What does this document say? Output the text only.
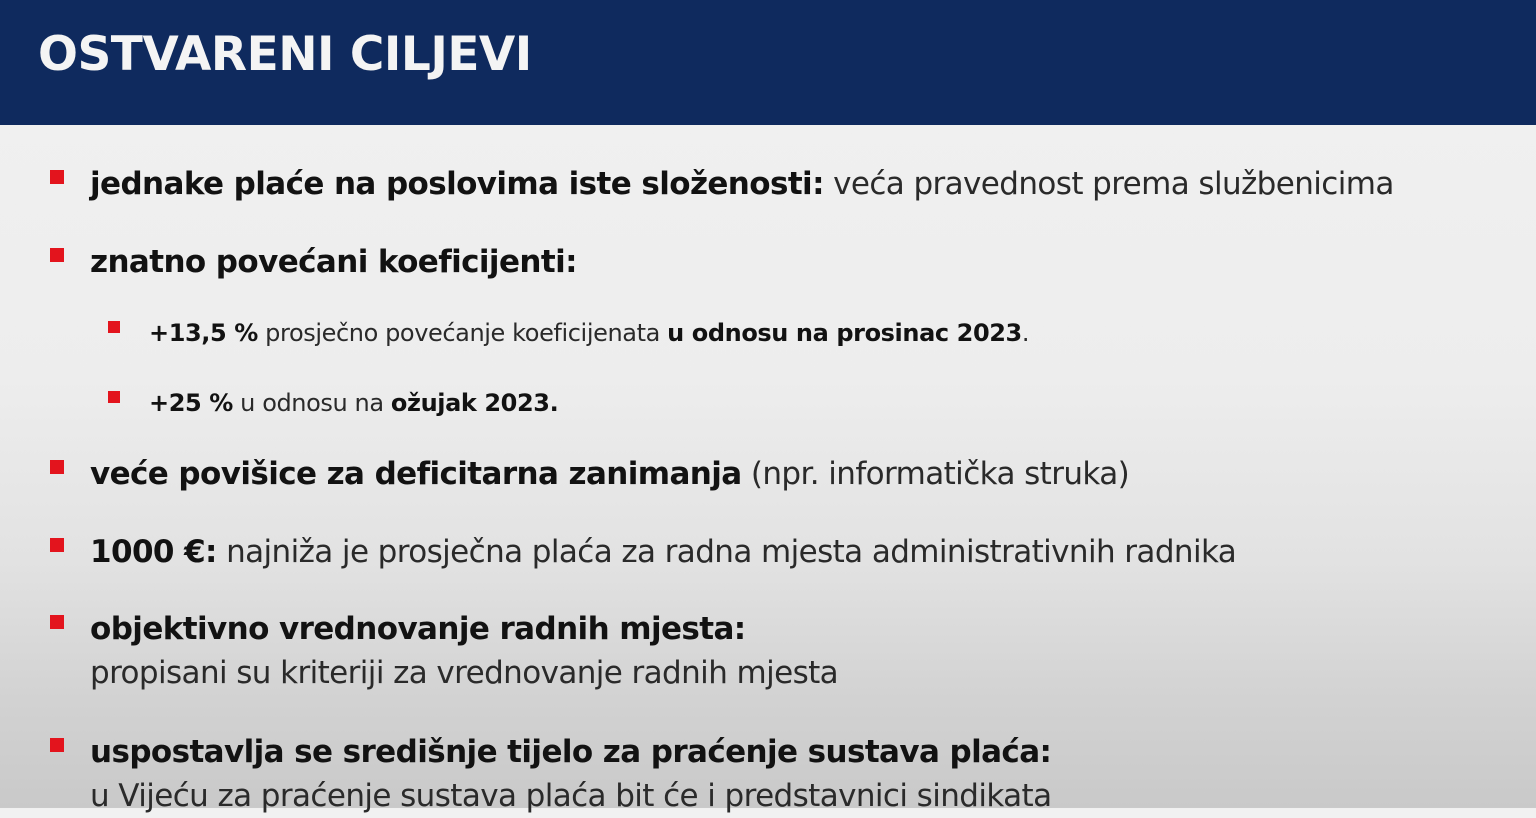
OSTVARENI CILJEVI
jednake plaće na poslovima iste složenosti: veća pravednost prema službenicima
znatno povećani koeficijenti:
+13,5 % prosječno povećanje koeficijenata u odnosu na prosinac 2023.
+25 % u odnosu na ožujak 2023.
veće povišice za deficitarna zanimanja (npr. informatička struka)
1000 €: najniža je prosječna plaća za radna mjesta administrativnih radnika
objektivno vrednovanje radnih mjesta:
propisani su kriteriji za vrednovanje radnih mjesta
uspostavlja se središnje tijelo za praćenje sustava plaća:
u Vijeću za praćenje sustava plaća bit će i predstavnici sindikata
